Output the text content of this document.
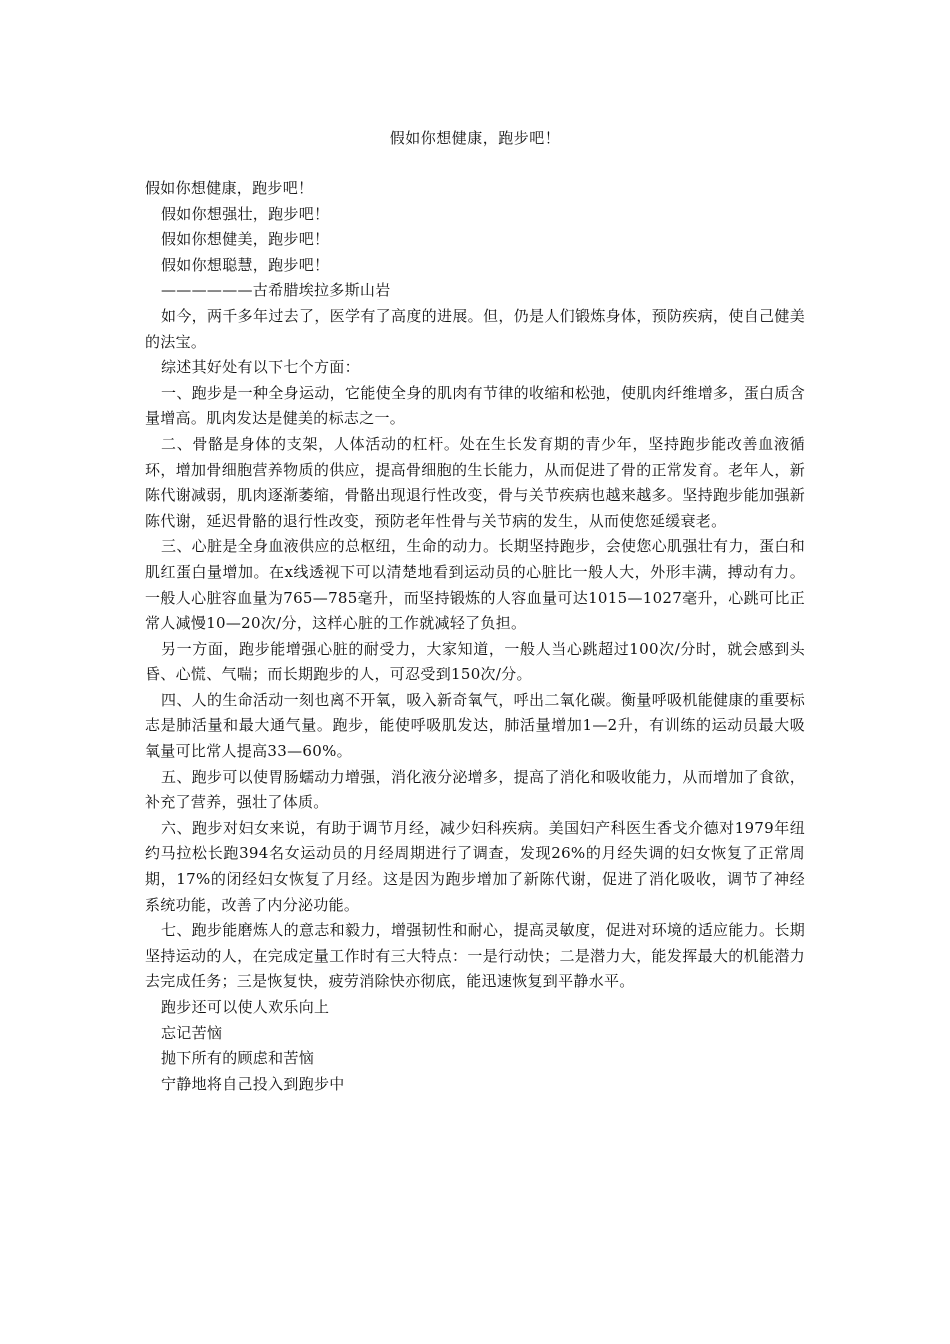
假如你想健康，跑步吧！

假如你想健康，跑步吧！

假如你想强壮，跑步吧！

假如你想健美，跑步吧！

假如你想聪慧，跑步吧！

——————古希腊埃拉多斯山岩

如今，两千多年过去了，医学有了高度的进展。但，仍是人们锻炼身体，预防疾病，使自己健美的法宝。

综述其好处有以下七个方面：

一、跑步是一种全身运动，它能使全身的肌肉有节律的收缩和松弛，使肌肉纤维增多，蛋白质含量增高。肌肉发达是健美的标志之一。

二、骨骼是身体的支架，人体活动的杠杆。处在生长发育期的青少年，坚持跑步能改善血液循环，增加骨细胞营养物质的供应，提高骨细胞的生长能力，从而促进了骨的正常发育。老年人，新陈代谢减弱，肌肉逐渐萎缩，骨骼出现退行性改变，骨与关节疾病也越来越多。坚持跑步能加强新陈代谢，延迟骨骼的退行性改变，预防老年性骨与关节病的发生，从而使您延缓衰老。

三、心脏是全身血液供应的总枢纽，生命的动力。长期坚持跑步，会使您心肌强壮有力，蛋白和肌红蛋白量增加。在x线透视下可以清楚地看到运动员的心脏比一般人大，外形丰满，搏动有力。一般人心脏容血量为765—785毫升，而坚持锻炼的人容血量可达1015—1027毫升，心跳可比正常人减慢10—20次/分，这样心脏的工作就减轻了负担。

另一方面，跑步能增强心脏的耐受力，大家知道，一般人当心跳超过100次/分时，就会感到头昏、心慌、气喘；而长期跑步的人，可忍受到150次/分。

四、人的生命活动一刻也离不开氧，吸入新奇氧气，呼出二氧化碳。衡量呼吸机能健康的重要标志是肺活量和最大通气量。跑步，能使呼吸肌发达，肺活量增加1—2升，有训练的运动员最大吸氧量可比常人提高33—60%。

五、跑步可以使胃肠蠕动力增强，消化液分泌增多，提高了消化和吸收能力，从而增加了食欲，补充了营养，强壮了体质。

六、跑步对妇女来说，有助于调节月经，减少妇科疾病。美国妇产科医生香戈介德对1979年纽约马拉松长跑394名女运动员的月经周期进行了调查，发现26%的月经失调的妇女恢复了正常周期，17%的闭经妇女恢复了月经。这是因为跑步增加了新陈代谢，促进了消化吸收，调节了神经系统功能，改善了内分泌功能。

七、跑步能磨炼人的意志和毅力，增强韧性和耐心，提高灵敏度，促进对环境的适应能力。长期坚持运动的人，在完成定量工作时有三大特点：一是行动快；二是潜力大，能发挥最大的机能潜力去完成任务；三是恢复快，疲劳消除快亦彻底，能迅速恢复到平静水平。

跑步还可以使人欢乐向上

忘记苦恼

抛下所有的顾虑和苦恼

宁静地将自己投入到跑步中
